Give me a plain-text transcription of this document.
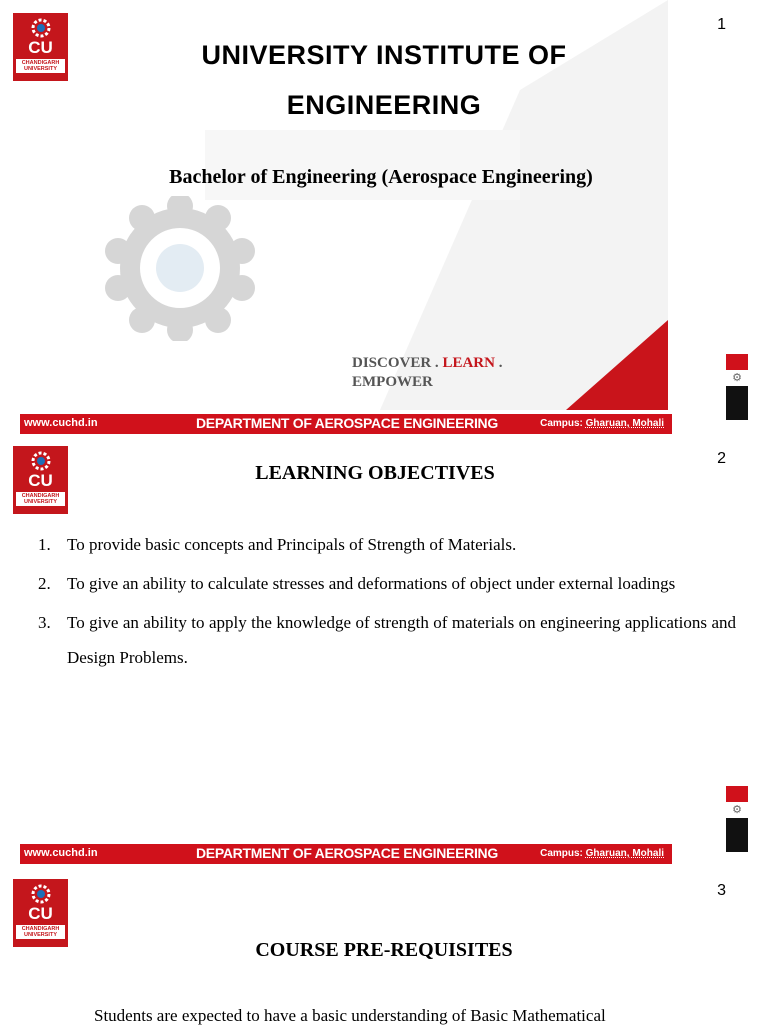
CU
CHANDIGARH UNIVERSITY
1
UNIVERSITY INSTITUTE OF
ENGINEERING
Bachelor of Engineering (Aerospace Engineering)
DISCOVER . LEARN .
EMPOWER	⚙
www.cuchd.in	DEPARTMENT OF AEROSPACE ENGINEERING	Campus: Gharuan, Mohali
CU
CHANDIGARH UNIVERSITY
2
⚙
www.cuchd.in	DEPARTMENT OF AEROSPACE ENGINEERING	Campus: Gharuan, Mohali
LEARNING OBJECTIVES
1. To provide basic concepts and Principals of Strength of Materials.
2. To give an ability to calculate stresses and deformations of object under external loadings
3. To give an ability to apply the knowledge of strength of materials on engineering applications and Design Problems.
CU
CHANDIGARH UNIVERSITY
3
COURSE PRE-REQUISITES
Students are expected to have a basic understanding of Basic Mathematical
